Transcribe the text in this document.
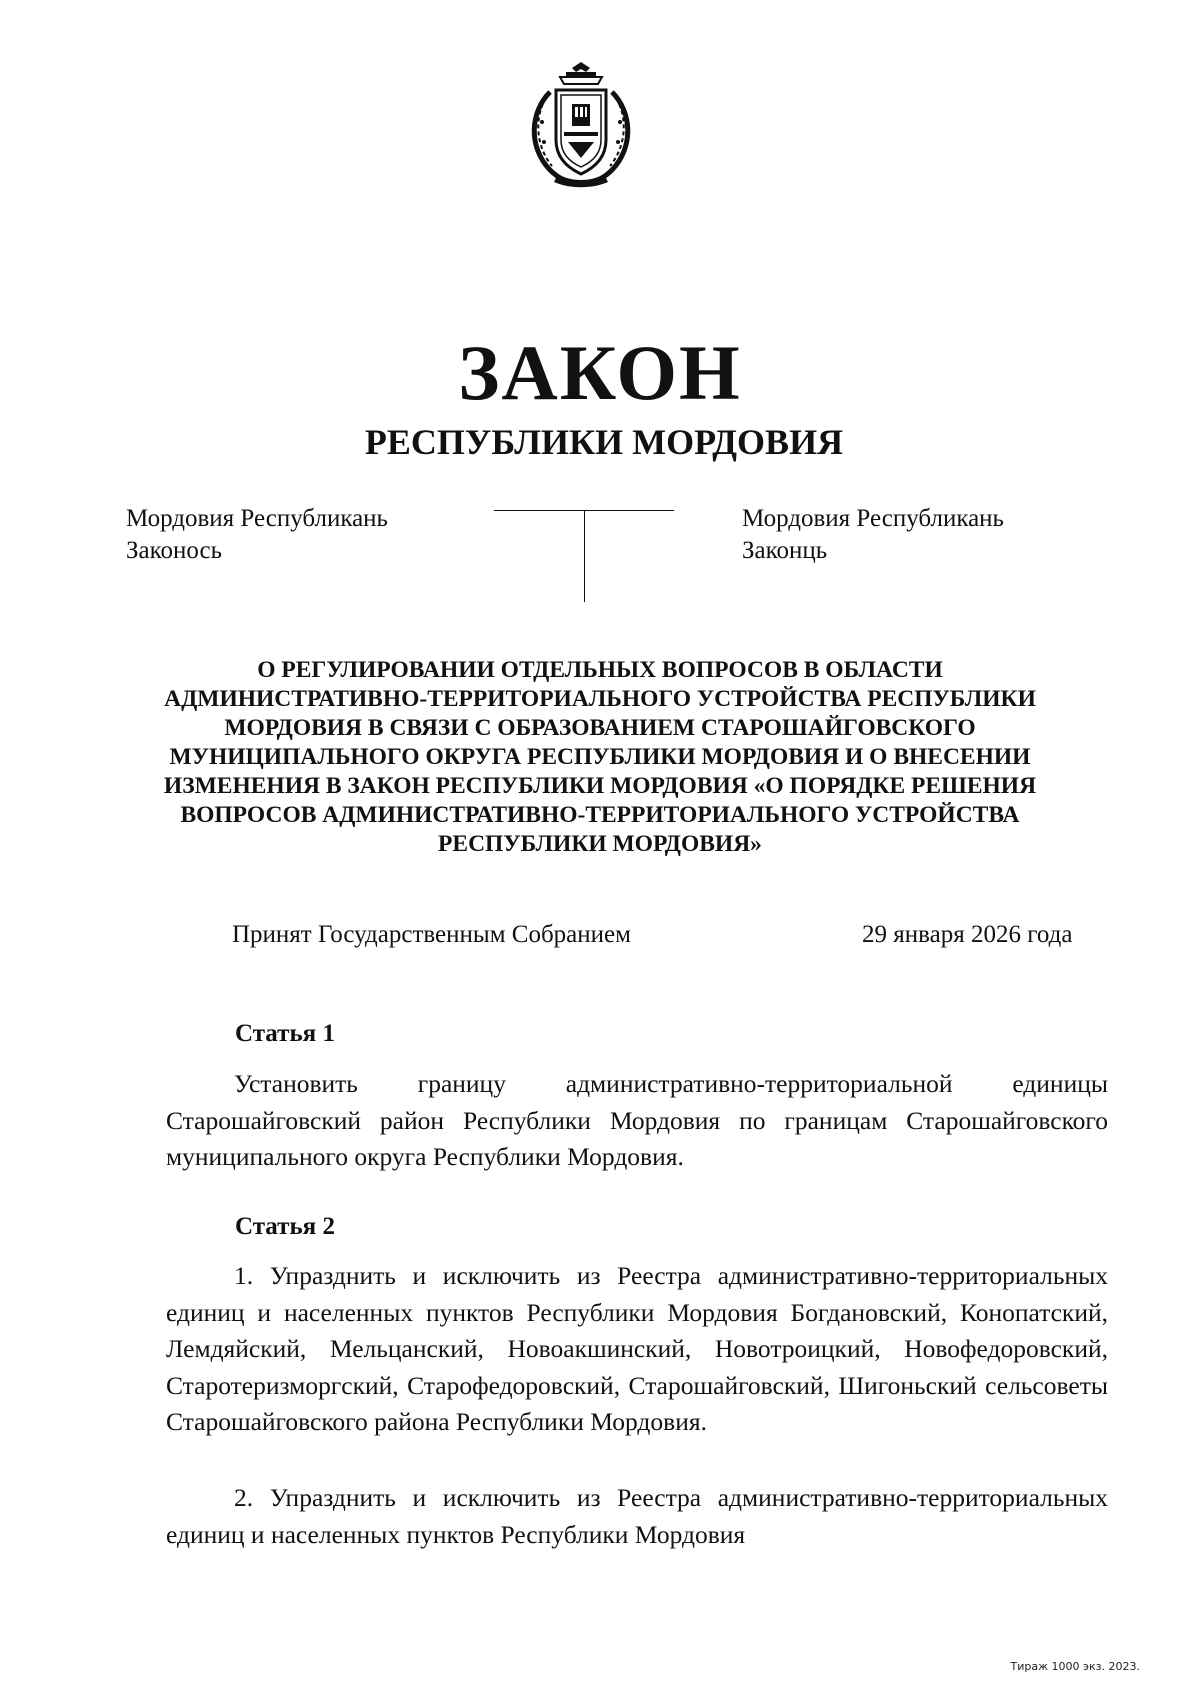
ЗАКОН
РЕСПУБЛИКИ МОРДОВИЯ
Мордовия Республикань
Законось
Мордовия Республикань
Законць
О РЕГУЛИРОВАНИИ ОТДЕЛЬНЫХ ВОПРОСОВ В ОБЛАСТИ АДМИНИСТРАТИВНО-ТЕРРИТОРИАЛЬНОГО УСТРОЙСТВА РЕСПУБЛИКИ МОРДОВИЯ В СВЯЗИ С ОБРАЗОВАНИЕМ СТАРОШАЙГОВСКОГО МУНИЦИПАЛЬНОГО ОКРУГА РЕСПУБЛИКИ МОРДОВИЯ И О ВНЕСЕНИИ ИЗМЕНЕНИЯ В ЗАКОН РЕСПУБЛИКИ МОРДОВИЯ «О ПОРЯДКЕ РЕШЕНИЯ ВОПРОСОВ АДМИНИСТРАТИВНО-ТЕРРИТОРИАЛЬНОГО УСТРОЙСТВА РЕСПУБЛИКИ МОРДОВИЯ»
Принят Государственным Собранием	29 января 2026 года
Статья 1
Установить границу административно-территориальной единицы Старошайговский район Республики Мордовия по границам Старошайговского муниципального округа Республики Мордовия.
Статья 2
1. Упразднить и исключить из Реестра административно-территориальных единиц и населенных пунктов Республики Мордовия Богдановский, Конопатский, Лемдяйский, Мельцанский, Новоакшинский, Новотроицкий, Новофедоровский, Старотеризморгский, Старофедоровский, Старошайговский, Шигоньский сельсоветы Старошайговского района Республики Мордовия.
2. Упразднить и исключить из Реестра административно-территориальных единиц и населенных пунктов Республики Мордовия
Тираж 1000 экз. 2023.
